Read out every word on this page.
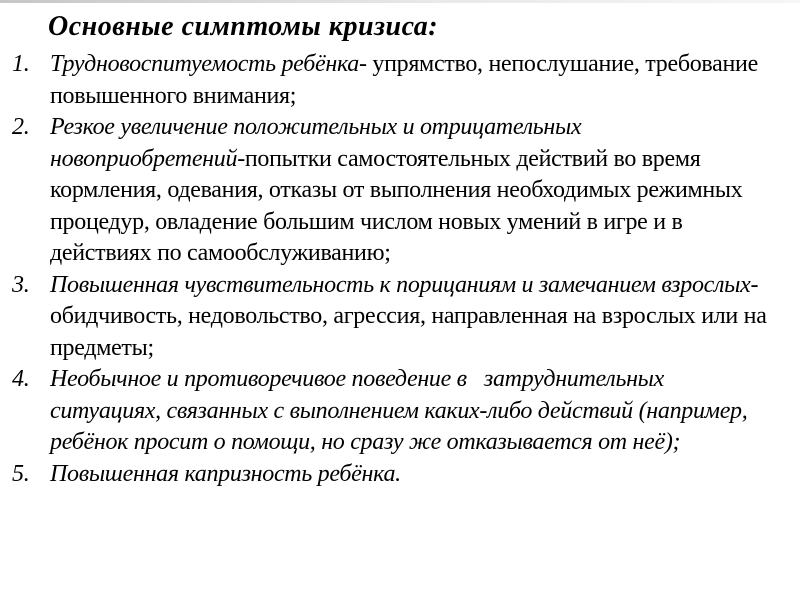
Основные симптомы кризиса:
1. Трудновоспитуемость ребёнка- упрямство, непослушание, требование повышенного внимания;
2. Резкое увеличение положительных и отрицательных новоприобретений-попытки самостоятельных действий во время кормления, одевания, отказы от выполнения необходимых режимных процедур, овладение большим числом новых умений в игре и в действиях по самообслуживанию;
3. Повышенная чувствительность к порицаниям и замечанием взрослых- обидчивость, недовольство, агрессия, направленная на взрослых или на предметы;
4. Необычное и противоречивое поведение в   затруднительных ситуациях, связанных с выполнением каких-либо действий (например, ребёнок просит о помощи, но сразу же отказывается от неё);
5. Повышенная капризность ребёнка.
